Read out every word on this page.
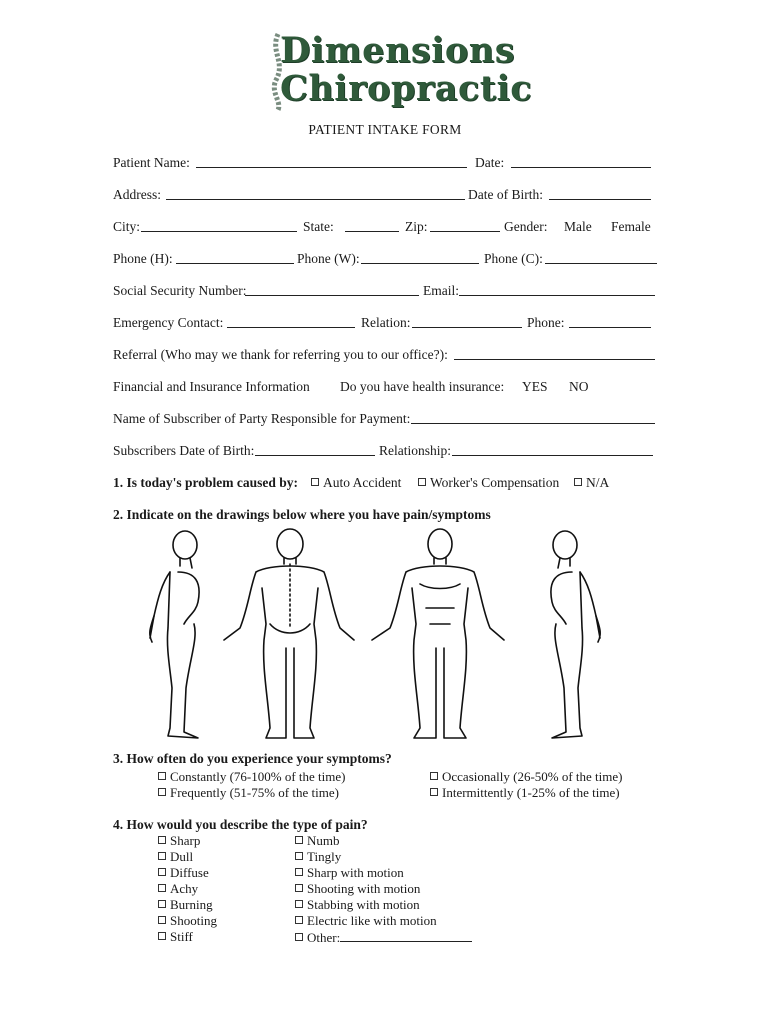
Dimensions
Chiropractic
PATIENT INTAKE FORM
Patient Name:	Date:
Address:	Date of Birth:
City:	State:	Zip:	Gender: Male Female
Phone (H):	Phone (W):	Phone (C):
Social Security Number:	Email:
Emergency Contact:	Relation:	Phone:
Referral (Who may we thank for referring you to our office?):
Financial and Insurance Information Do you have health insurance: YES NO
Name of Subscriber of Party Responsible for Payment:
Subscribers Date of Birth:	Relationship:
1. Is today's problem caused by:	Auto Accident	Worker's Compensation	N/A
2. Indicate on the drawings below where you have pain/symptoms
3. How often do you experience your symptoms?
Constantly (76-100% of the time)
Frequently (51-75% of the time)
Occasionally (26-50% of the time)
Intermittently (1-25% of the time)
4. How would you describe the type of pain?
Sharp
Dull
Diffuse
Achy
Burning
Shooting
Stiff
Numb
Tingly
Sharp with motion
Shooting with motion
Stabbing with motion
Electric like with motion
Other:
